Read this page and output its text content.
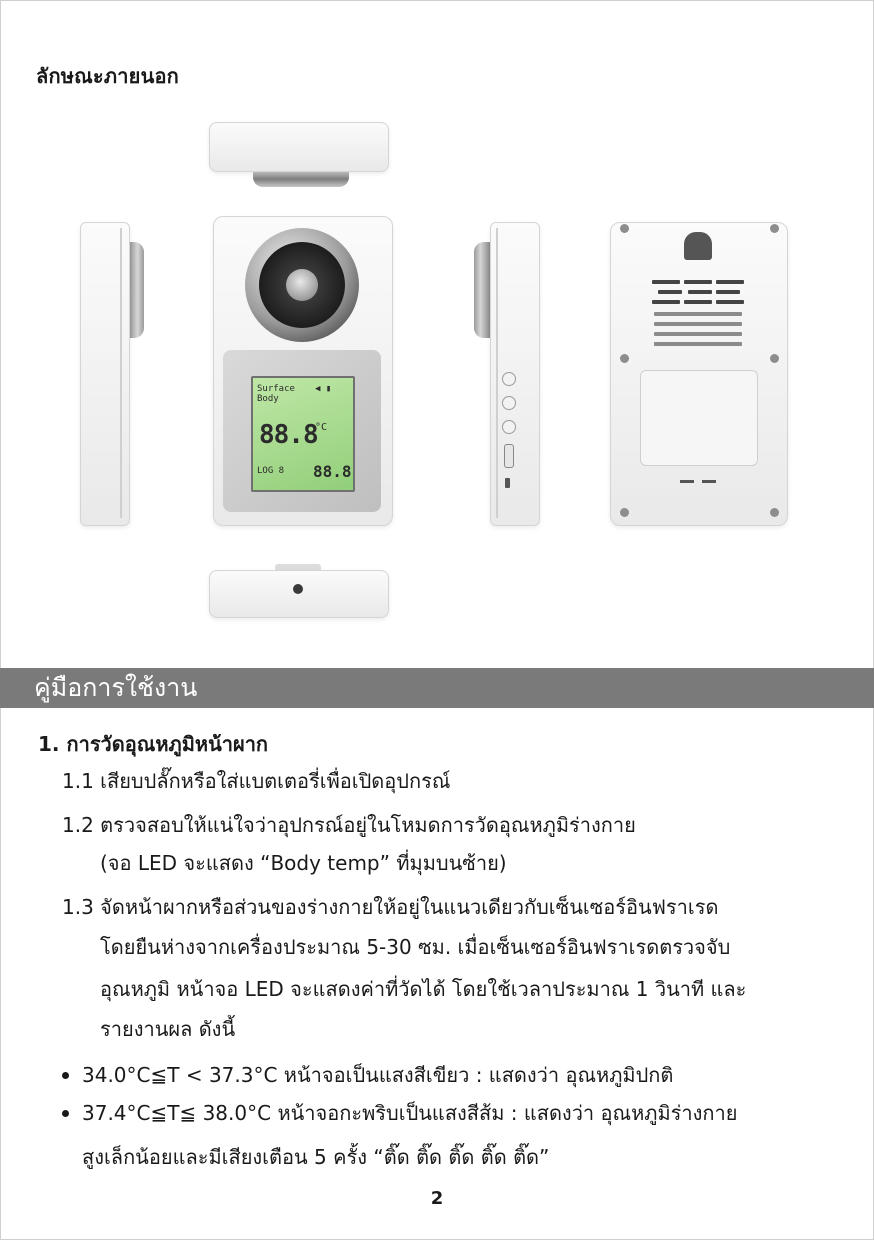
ลักษณะภายนอก
Surface
Body
◀ ▮
88.8
°C
LOG 8 88.8
คู่มือการใช้งาน
1. การวัดอุณหภูมิหน้าผาก
1.1 เสียบปลั๊กหรือใส่แบตเตอรี่เพื่อเปิดอุปกรณ์
1.2 ตรวจสอบให้แน่ใจว่าอุปกรณ์อยู่ในโหมดการวัดอุณหภูมิร่างกาย
(จอ LED จะแสดง “Body temp” ที่มุมบนซ้าย)
1.3 จัดหน้าผากหรือส่วนของร่างกายให้อยู่ในแนวเดียวกับเซ็นเซอร์อินฟราเรด
โดยยืนห่างจากเครื่องประมาณ 5-30 ซม. เมื่อเซ็นเซอร์อินฟราเรดตรวจจับ
อุณหภูมิ หน้าจอ LED จะแสดงค่าที่วัดได้ โดยใช้เวลาประมาณ 1 วินาที และ
รายงานผล ดังนี้
34.0°C≦T < 37.3°C หน้าจอเป็นแสงสีเขียว : แสดงว่า อุณหภูมิปกติ
37.4°C≦T≦ 38.0°C หน้าจอกะพริบเป็นแสงสีส้ม : แสดงว่า อุณหภูมิร่างกาย
สูงเล็กน้อยและมีเสียงเตือน 5 ครั้ง “ติ๊ด ติ๊ด ติ๊ด ติ๊ด ติ๊ด”
2
